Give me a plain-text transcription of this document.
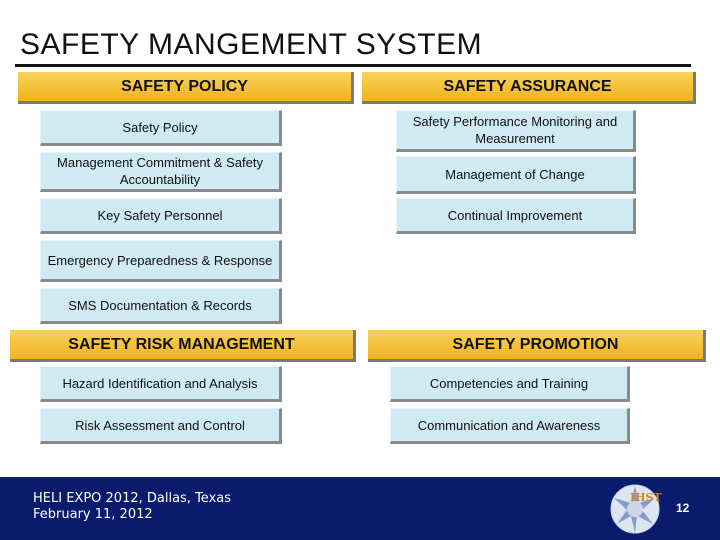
SAFETY MANGEMENT SYSTEM
SAFETY POLICY
Safety Policy
Management Commitment & Safety Accountability
Key Safety Personnel
Emergency Preparedness & Response
SMS Documentation & Records
SAFETY ASSURANCE
Safety Performance Monitoring and Measurement
Management of Change
Continual Improvement
SAFETY RISK MANAGEMENT
Hazard Identification and Analysis
Risk Assessment and Control
SAFETY PROMOTION
Competencies and Training
Communication and Awareness
HELI EXPO 2012, Dallas, Texas
February 11, 2012
IHST
12
